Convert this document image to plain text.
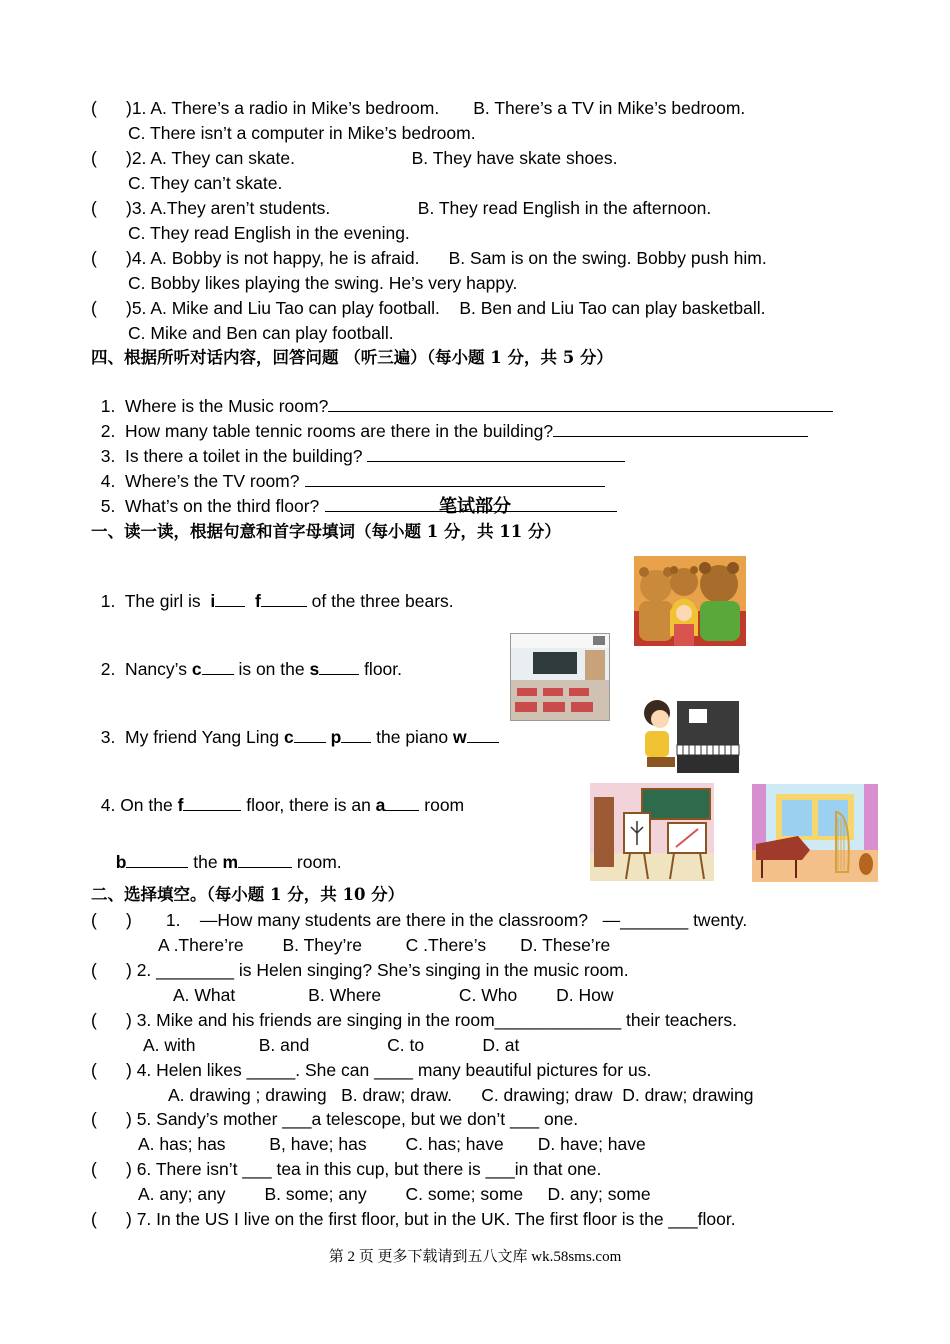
(      )1. A. There’s a radio in Mike’s bedroom.       B. There’s a TV in Mike’s bedroom.
C. There isn’t a computer in Mike’s bedroom.
(      )2. A. They can skate.                        B. They have skate shoes.
C. They can’t skate.
(      )3. A.They aren’t students.                  B. They read English in the afternoon.
C. They read English in the evening.
(      )4. A. Bobby is not happy, he is afraid.      B. Sam is on the swing. Bobby push him.
C. Bobby likes playing the swing. He’s very happy.
(      )5. A. Mike and Liu Tao can play football.    B. Ben and Liu Tao can play basketball.
C. Mike and Ben can play football.
四、根据所听对话内容，回答问题 （听三遍）（每小题 1 分，共 5 分）

1.  Where is the Music room?

2.  How many table tennic rooms are there in the building?

3.  Is there a toilet in the building?

4.  Where’s the TV room?

5.  What’s on the third floor?	笔试部分
一、读一读，根据句意和首字母填词（每小题 1 分，共 11 分）

1.  The girl is  i f	of the three bears.

2.  Nancy’s c is on the s floor.

3.  My friend Yang Ling c p the piano w

4. On the f	floor, there is an a room

b	the m	room.

二、选择填空。（每小题 1 分，共 10 分）
(      )       1.    —How many students are there in the classroom?   —_______ twenty.
A .There’re        B. They’re         C .There’s       D. These’re
(      ) 2. ________ is Helen singing? She’s singing in the music room.
A. What               B. Where                C. Who        D. How
(      ) 3. Mike and his friends are singing in the room_____________ their teachers.
A. with             B. and                C. to            D. at
(      ) 4. Helen likes _____. She can ____ many beautiful pictures for us.
A. drawing ; drawing   B. draw; draw.      C. drawing; draw  D. draw; drawing
(      ) 5. Sandy’s mother ___a telescope, but we don’t ___ one.
A. has; has         B, have; has        C. has; have       D. have; have
(      ) 6. There isn’t ___ tea in this cup, but there is ___in that one.
A. any; any        B. some; any        C. some; some     D. any; some
(      ) 7. In the US I live on the first floor, but in the UK. The first floor is the ___floor.
第 2 页 更多下载请到五八文库 wk.58sms.com
